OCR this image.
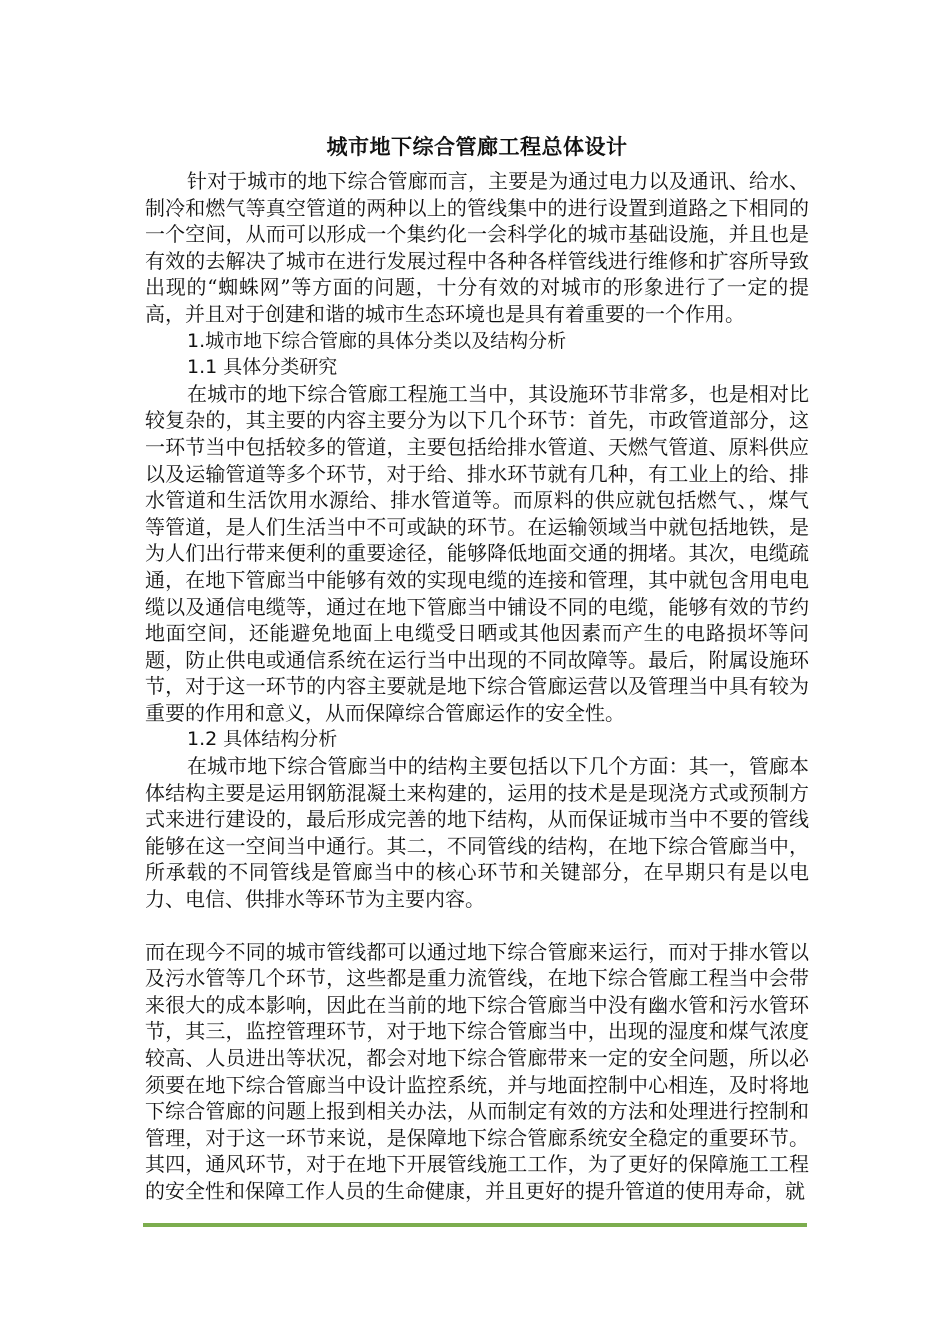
城市地下综合管廊工程总体设计

针对于城市的地下综合管廊而言，主要是为通过电力以及通讯、给水、制冷和燃气等真空管道的两种以上的管线集中的进行设置到道路之下相同的一个空间，从而可以形成一个集约化一会科学化的城市基础设施，并且也是有效的去解决了城市在进行发展过程中各种各样管线进行维修和扩容所导致出现的“蜘蛛网”等方面的问题，十分有效的对城市的形象进行了一定的提高，并且对于创建和谐的城市生态环境也是具有着重要的一个作用。

1.城市地下综合管廊的具体分类以及结构分析

1.1 具体分类研究

在城市的地下综合管廊工程施工当中，其设施环节非常多，也是相对比较复杂的，其主要的内容主要分为以下几个环节：首先，市政管道部分，这一环节当中包括较多的管道，主要包括给排水管道、天燃气管道、原料供应以及运输管道等多个环节，对于给、排水环节就有几种，有工业上的给、排水管道和生活饮用水源给、排水管道等。而原料的供应就包括燃气、，煤气等管道，是人们生活当中不可或缺的环节。在运输领域当中就包括地铁，是为人们出行带来便利的重要途径，能够降低地面交通的拥堵。其次，电缆疏通，在地下管廊当中能够有效的实现电缆的连接和管理，其中就包含用电电缆以及通信电缆等，通过在地下管廊当中铺设不同的电缆，能够有效的节约地面空间，还能避免地面上电缆受日晒或其他因素而产生的电路损坏等问题，防止供电或通信系统在运行当中出现的不同故障等。最后，附属设施环节，对于这一环节的内容主要就是地下综合管廊运营以及管理当中具有较为重要的作用和意义，从而保障综合管廊运作的安全性。

1.2 具体结构分析

在城市地下综合管廊当中的结构主要包括以下几个方面：其一，管廊本体结构主要是运用钢筋混凝土来构建的，运用的技术是是现浇方式或预制方式来进行建设的，最后形成完善的地下结构，从而保证城市当中不要的管线能够在这一空间当中通行。其二，不同管线的结构，在地下综合管廊当中，所承载的不同管线是管廊当中的核心环节和关键部分，在早期只有是以电力、电信、供排水等环节为主要内容。

而在现今不同的城市管线都可以通过地下综合管廊来运行，而对于排水管以及污水管等几个环节，这些都是重力流管线，在地下综合管廊工程当中会带来很大的成本影响，因此在当前的地下综合管廊当中没有幽水管和污水管环节，其三，监控管理环节，对于地下综合管廊当中，出现的湿度和煤气浓度较高、人员进出等状况，都会对地下综合管廊带来一定的安全问题，所以必须要在地下综合管廊当中设计监控系统，并与地面控制中心相连，及时将地下综合管廊的问题上报到相关办法，从而制定有效的方法和处理进行控制和管理，对于这一环节来说，是保障地下综合管廊系统安全稳定的重要环节。其四，通风环节，对于在地下开展管线施工工作，为了更好的保障施工工程的安全性和保障工作人员的生命健康，并且更好的提升管道的使用寿命，就
